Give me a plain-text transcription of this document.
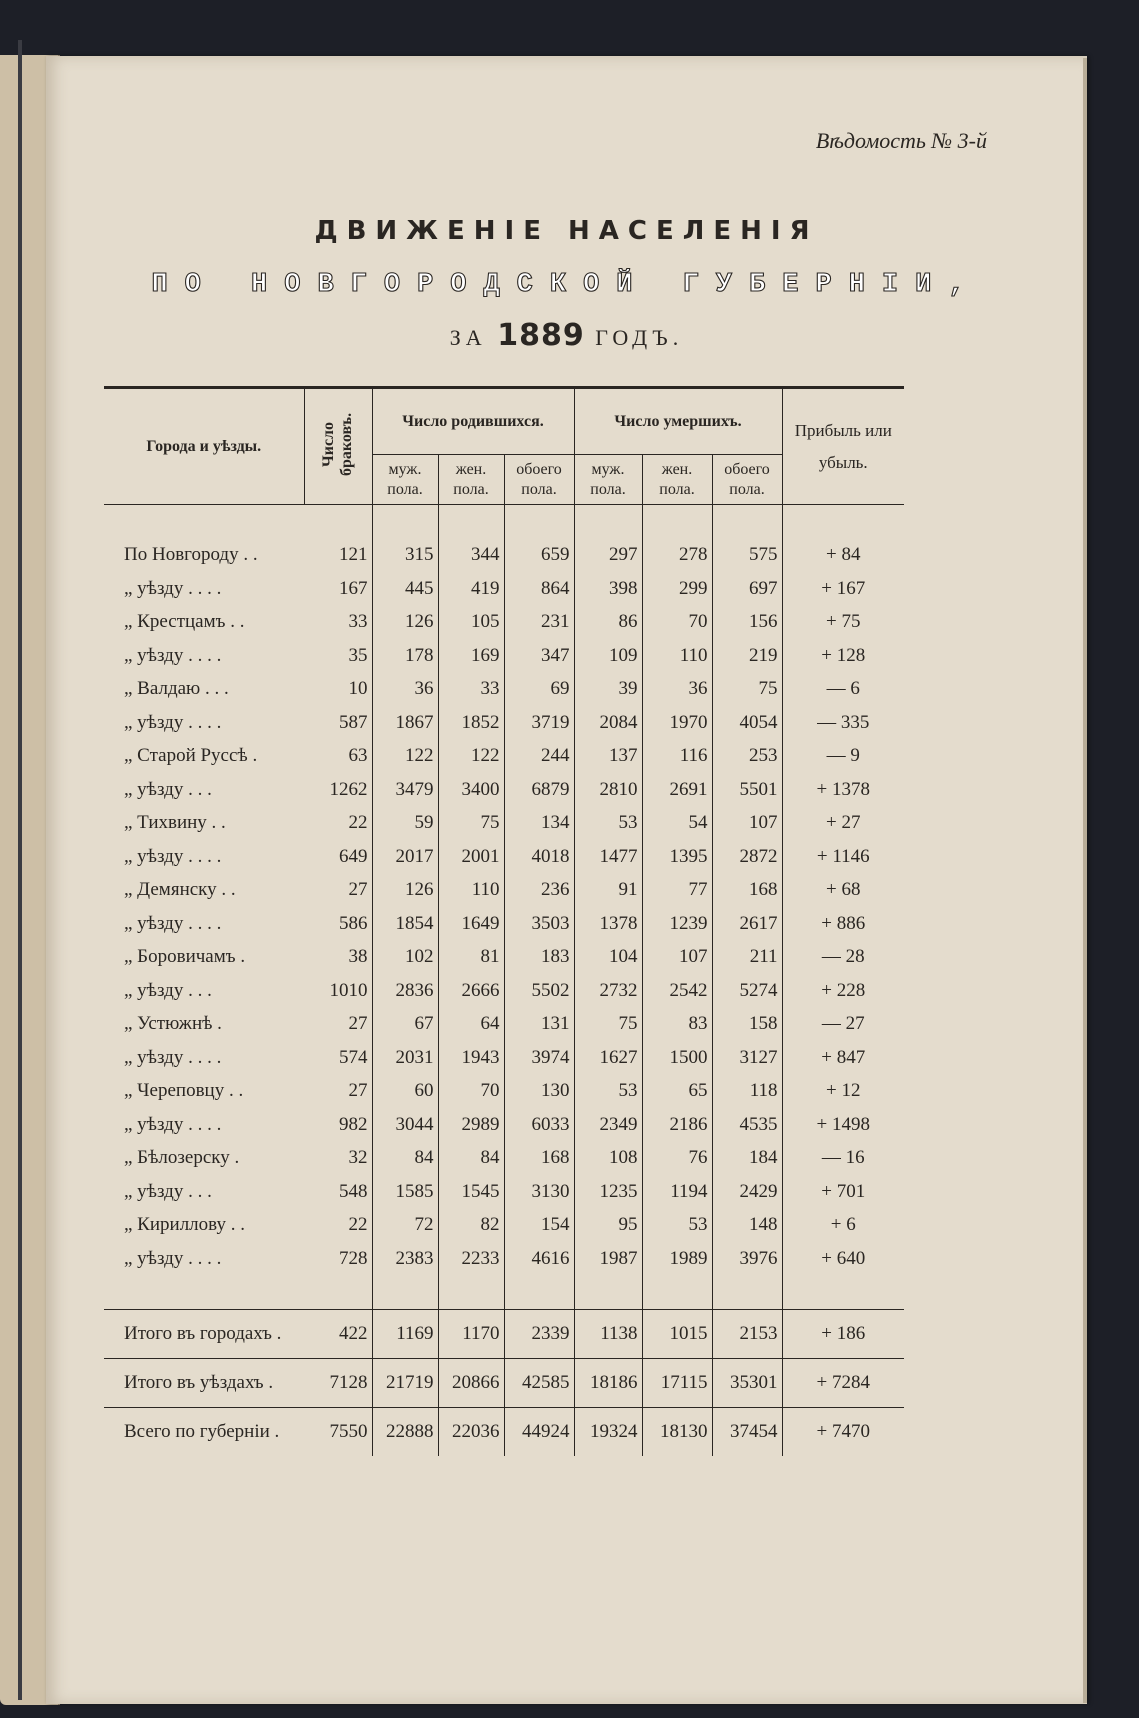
Вѣдомость № 3-й
ДВИЖЕНІЕ НАСЕЛЕНІЯ
ПО НОВГОРОДСКОЙ ГУБЕРНІИ,
ЗА 1889 ГОДЪ.
Города и уѣзды.	Число браковъ.	Число родившихся.			Число умершихъ.			Прибыль или убыль.
		муж. пола.	жен. пола.	обоего пола.	муж. пола.	жен. пола.	обоего пола.	

По Новгороду . .	121	315	344	659	297	278	575	+ 84
„ уѣзду . . . .	167	445	419	864	398	299	697	+ 167
„ Крестцамъ . .	33	126	105	231	86	70	156	+ 75
„ уѣзду . . . .	35	178	169	347	109	110	219	+ 128
„ Валдаю . . .	10	36	33	69	39	36	75	— 6
„ уѣзду . . . .	587	1867	1852	3719	2084	1970	4054	— 335
„ Старой Руссѣ .	63	122	122	244	137	116	253	— 9
„ уѣзду . . .	1262	3479	3400	6879	2810	2691	5501	+ 1378
„ Тихвину . .	22	59	75	134	53	54	107	+ 27
„ уѣзду . . . .	649	2017	2001	4018	1477	1395	2872	+ 1146
„ Демянску . .	27	126	110	236	91	77	168	+ 68
„ уѣзду . . . .	586	1854	1649	3503	1378	1239	2617	+ 886
„ Боровичамъ .	38	102	81	183	104	107	211	— 28
„ уѣзду . . .	1010	2836	2666	5502	2732	2542	5274	+ 228
„ Устюжнѣ .	27	67	64	131	75	83	158	— 27
„ уѣзду . . . .	574	2031	1943	3974	1627	1500	3127	+ 847
„ Череповцу . .	27	60	70	130	53	65	118	+ 12
„ уѣзду . . . .	982	3044	2989	6033	2349	2186	4535	+ 1498
„ Бѣлозерску .	32	84	84	168	108	76	184	— 16
„ уѣзду . . .	548	1585	1545	3130	1235	1194	2429	+ 701
„ Кириллову . .	22	72	82	154	95	53	148	+ 6
„ уѣзду . . . .	728	2383	2233	4616	1987	1989	3976	+ 640

Итого въ городахъ .	422	1169	1170	2339	1138	1015	2153	+ 186
Итого въ уѣздахъ .	7128	21719	20866	42585	18186	17115	35301	+ 7284
Всего по губерніи .	7550	22888	22036	44924	19324	18130	37454	+ 7470
